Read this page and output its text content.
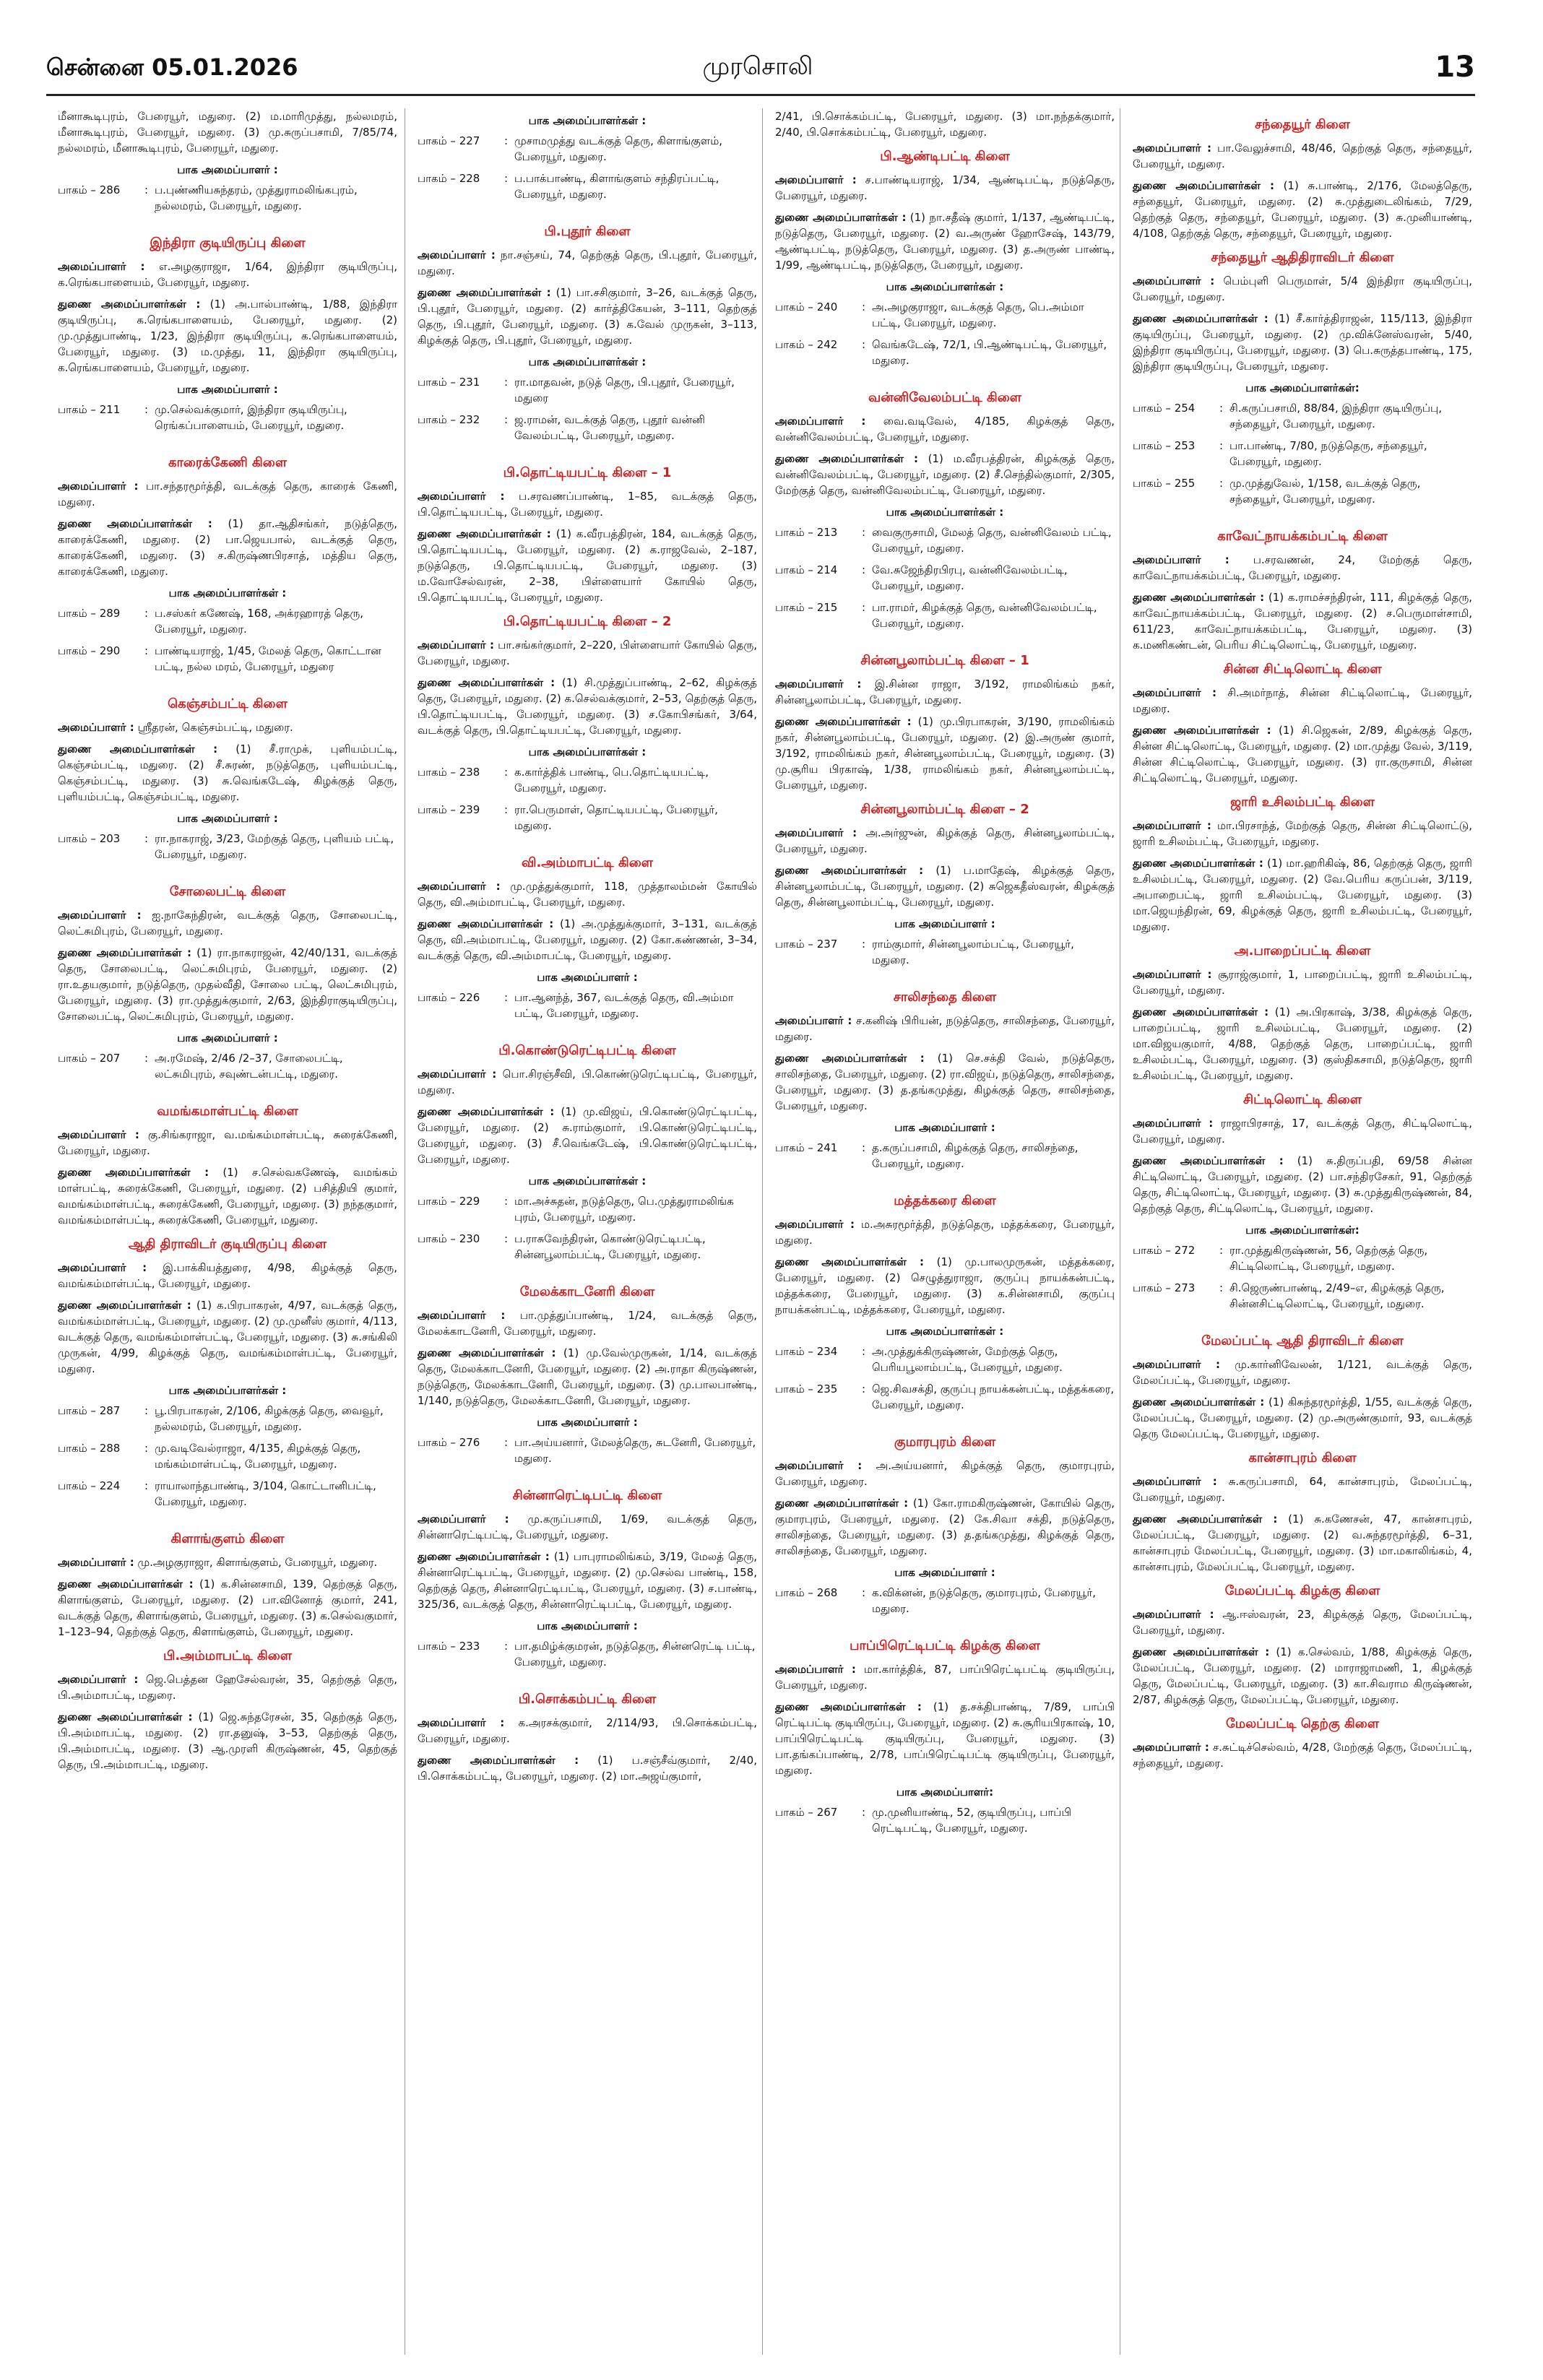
சென்னை 05.01.2026	முரசொலி	13

மீனாகூடிபுரம், பேரையூர், மதுரை. (2) ம.மாரிமுத்து, நல்லமரம், மீனாகூடிபுரம், பேரையூர், மதுரை. (3) மு.சுருப்பசாமி, 7/85/74, நல்லமரம், மீனாகூடிபுரம், பேரையூர், மதுரை.

பாக அமைப்பாளர் :
பாகம் – 286	: ப.புண்ணியசுந்தரம், முத்துராமலிங்கபுரம், நல்லமரம், பேரையூர், மதுரை.
இந்திரா குடியிருப்பு கிளை

அமைப்பாளர் : எ.அழகுராஜா, 1/64, இந்திரா குடியிருப்பு, க.ரெங்கபாளையம், பேரையூர், மதுரை.

துணை அமைப்பாளர்கள் : (1) அ.பால்பாண்டி, 1/88, இந்திரா குடியிருப்பு, க.ரெங்கபாளையம், பேரையூர், மதுரை. (2) மு.முத்துபாண்டி, 1/23, இந்திரா குடியிருப்பு, க.ரெங்கபாளையம், பேரையூர், மதுரை. (3) ம.முத்து, 11, இந்திரா குடியிருப்பு, க.ரெங்கபாளையம், பேரையூர், மதுரை.

பாக அமைப்பாளர் :
பாகம் – 211	: மு.செல்வக்குமார், இந்திரா குடியிருப்பு, ரெங்கப்பாளையம், பேரையூர், மதுரை.
காரைக்கேணி கிளை

அமைப்பாளர் : பா.சந்தரமூர்த்தி, வடக்குத் தெரு, காரைக் கேணி, மதுரை.

துணை அமைப்பாளர்கள் : (1) தா.ஆதிசங்கர், நடுத்தெரு, காரைக்கேணி, மதுரை. (2) பா.ஜெயபால், வடக்குத் தெரு, காரைக்கேணி, மதுரை. (3) ச.கிருஷ்ணபிரசாத், மத்திய தெரு, காரைக்கேணி, மதுரை.

பாக அமைப்பாளர்கள் :
பாகம் – 289	: ப.சஸ்கர் கணேஷ், 168, அக்ரஹாரத் தெரு, பேரையூர், மதுரை.
பாகம் – 290	: பாண்டியராஜ், 1/45, மேலத் தெரு, கொட்டான பட்டி, நல்ல மரம், பேரையூர், மதுரை
கெஞ்சம்பட்டி கிளை

அமைப்பாளர் : ஸ்ரீதரன், கெஞ்சம்பட்டி, மதுரை.

துணை அமைப்பாளர்கள் : (1) சீ.ராமுக், புளியம்பட்டி, கெஞ்சம்பட்டி, மதுரை. (2) சீ.சுரண், நடுத்தெரு, புளியம்பட்டி, கெஞ்சம்பட்டி, மதுரை. (3) சு.வெங்கடேஷ், கிழக்குத் தெரு, புளியம்பட்டி, கெஞ்சம்பட்டி, மதுரை.

பாக அமைப்பாளர் :
பாகம் – 203	: ரா.நாகராஜ், 3/23, மேற்குத் தெரு, புளியம் பட்டி, பேரையூர், மதுரை.
சோலைபட்டி கிளை

அமைப்பாளர் : ஐ.நாகேந்திரன், வடக்குத் தெரு, சோலைபட்டி, லெட்சுமிபுரம், பேரையூர், மதுரை.

துணை அமைப்பாளர்கள் : (1) ரா.நாகராஜன், 42/40/131, வடக்குத் தெரு, சோலைபட்டி, லெட்சுமிபுரம், பேரையூர், மதுரை. (2) ரா.உதயகுமார், நடுத்தெரு, முதல்வீதி, சோலை பட்டி, லெட்சுமிபுரம், பேரையூர், மதுரை. (3) ரா.முத்துக்குமார், 2/63, இந்திராகுடியிருப்பு, சோலைபட்டி, லெட்சுமிபுரம், பேரையூர், மதுரை.

பாக அமைப்பாளர் :
பாகம் – 207	: அ.ரமேஷ், 2/46 /2–37, சோலைபட்டி, லட்சுமிபுரம், சவுண்டன்பட்டி, மதுரை.
வமங்கமாள்பட்டி கிளை

அமைப்பாளர் : கு.சிங்கராஜா, வ.மங்கம்மாள்பட்டி, சுரைக்கேணி, பேரையூர், மதுரை.

துணை அமைப்பாளர்கள் : (1) ச.செல்வகணேஷ், வமங்கம் மாள்பட்டி, சுரைக்கேணி, பேரையூர், மதுரை. (2) பசித்தியி குமார், வமங்கம்மாள்பட்டி, சுரைக்கேணி, பேரையூர், மதுரை. (3) நந்தகுமார், வமங்கம்மாள்பட்டி, சுரைக்கேணி, பேரையூர், மதுரை.

ஆதி திராவிடர் குடியிருப்பு கிளை

அமைப்பாளர் : இ.பாக்கியத்துரை, 4/98, கிழக்குத் தெரு, வமங்கம்மாள்பட்டி, பேரையூர், மதுரை.

துணை அமைப்பாளர்கள் : (1) க.பிரபாகரன், 4/97, வடக்குத் தெரு, வமங்கம்மாள்பட்டி, பேரையூர், மதுரை. (2) மு.முனீஸ் குமார், 4/113, வடக்குத் தெரு, வமங்கம்மாள்பட்டி, பேரையூர், மதுரை. (3) சு.சங்கிலி முருகன், 4/99, கிழக்குத் தெரு, வமங்கம்மாள்பட்டி, பேரையூர், மதுரை.

பாக அமைப்பாளர்கள் :
பாகம் – 287	: பூ.பிரபாகரன், 2/106, கிழக்குத் தெரு, வைவூர், நல்லமரம், பேரையூர், மதுரை.
பாகம் – 288	: மு.வடிவேல்ராஜா, 4/135, கிழக்குத் தெரு, மங்கம்மாள்பட்டி, பேரையூர், மதுரை.
பாகம் – 224	: ராயாலாந்தபாண்டி, 3/104, கொட்டானிபட்டி, பேரையூர், மதுரை.
கிளாங்குளம் கிளை

அமைப்பாளர் : மு.அழகுராஜா, கிளாங்குளம், பேரையூர், மதுரை.

துணை அமைப்பாளர்கள் : (1) க.சின்னசாமி, 139, தெற்குத் தெரு, கிளாங்குளம், பேரையூர், மதுரை. (2) பா.வினோத் குமார், 241, வடக்குத் தெரு, கிளாங்குளம், பேரையூர், மதுரை. (3) க.செல்வகுமார், 1–123–94, தெற்குத் தெரு, கிளாங்குளம், பேரையூர், மதுரை.

பி.அம்மாபட்டி கிளை

அமைப்பாளர் : ஜெ.பெத்தன ஹேசேல்வரன், 35, தெற்குத் தெரு, பி.அம்மாபட்டி, மதுரை.

துணை அமைப்பாளர்கள் : (1) ஜெ.சுந்தரேசன், 35, தெற்குத் தெரு, பி.அம்மாபட்டி, மதுரை. (2) ரா.தனுஷ், 3–53, தெற்குத் தெரு, பி.அம்மாபட்டி, மதுரை. (3) ஆ.முரளி கிருஷ்ணன், 45, தெற்குத் தெரு, பி.அம்மாபட்டி, மதுரை.

பாக அமைப்பாளர்கள் :
பாகம் – 227	: முசாமமுத்து வடக்குத் தெரு, கிளாங்குளம், பேரையூர், மதுரை.
பாகம் – 228	: ப.பாக்பாண்டி, கிளாங்குளம் சந்திரப்பட்டி, பேரையூர், மதுரை.
பி.புதூர் கிளை

அமைப்பாளர் : நா.சஞ்சய், 74, தெற்குத் தெரு, பி.புதூர், பேரையூர், மதுரை.

துணை அமைப்பாளர்கள் : (1) பா.சசிகுமார், 3–26, வடக்குத் தெரு, பி.புதூர், பேரையூர், மதுரை. (2) கார்த்திகேயன், 3–111, தெற்குத் தெரு, பி.புதூர், பேரையூர், மதுரை. (3) க.வேல் முருகன், 3–113, கிழக்குத் தெரு, பி.புதூர், பேரையூர், மதுரை.

பாக அமைப்பாளர்கள் :
பாகம் – 231	: ரா.மாதவன், நடுத் தெரு, பி.புதூர், பேரையூர், மதுரை
பாகம் – 232	: ஜ.ராமன், வடக்குத் தெரு, புதூர் வன்னி வேலம்பட்டி, பேரையூர், மதுரை.
பி.தொட்டியபட்டி கிளை – 1

அமைப்பாளர் : ப.சரவணப்பாண்டி, 1–85, வடக்குத் தெரு, பி.தொட்டியபட்டி, பேரையூர், மதுரை.

துணை அமைப்பாளர்கள் : (1) க.வீரபத்திரன், 184, வடக்குத் தெரு, பி.தொட்டியபட்டி, பேரையூர், மதுரை. (2) க.ராஜவேல், 2–187, நடுத்தெரு, பி.தொட்டியபட்டி, பேரையூர், மதுரை. (3) ம.வோசேல்வரன், 2–38, பிள்ளையார் கோயில் தெரு, பி.தொட்டியபட்டி, பேரையூர், மதுரை.

பி.தொட்டியபட்டி கிளை – 2

அமைப்பாளர் : பா.சங்கர்குமார், 2–220, பிள்ளையார் கோயில் தெரு, பேரையூர், மதுரை.

துணை அமைப்பாளர்கள் : (1) சி.முத்துப்பாண்டி, 2–62, கிழக்குத் தெரு, பேரையூர், மதுரை. (2) க.செல்வக்குமார், 2–53, தெற்குத் தெரு, பி.தொட்டியபட்டி, பேரையூர், மதுரை. (3) ச.கோபிசங்கர், 3/64, வடக்குத் தெரு, பி.தொட்டியபட்டி, பேரையூர், மதுரை.

பாக அமைப்பாளர்கள் :
பாகம் – 238	: க.கார்த்திக் பாண்டி, பெ.தொட்டியபட்டி, பேரையூர், மதுரை.
பாகம் – 239	: ரா.பெருமாள், தொட்டியபட்டி, பேரையூர், மதுரை.
வி.அம்மாபட்டி கிளை

அமைப்பாளர் : மு.முத்துக்குமார், 118, முத்தாலம்மன் கோயில் தெரு, வி.அம்மாபட்டி, பேரையூர், மதுரை.

துணை அமைப்பாளர்கள் : (1) அ.முத்துக்குமார், 3–131, வடக்குத் தெரு, வி.அம்மாபட்டி, பேரையூர், மதுரை. (2) கோ.கண்ணன், 3–34, வடக்குத் தெரு, வி.அம்மாபட்டி, பேரையூர், மதுரை.

பாக அமைப்பாளர் :
பாகம் – 226	: பா.ஆனந்த், 367, வடக்குத் தெரு, வி.அம்மா பட்டி, பேரையூர், மதுரை.
பி.கொண்டுரெட்டிபட்டி கிளை

அமைப்பாளர் : பொ.சிரஞ்சீவி, பி.கொண்டுரெட்டிபட்டி, பேரையூர், மதுரை.

துணை அமைப்பாளர்கள் : (1) மு.விஜய், பி.கொண்டுரெட்டிபட்டி, பேரையூர், மதுரை. (2) சு.ராம்குமார், பி.கொண்டுரெட்டிபட்டி, பேரையூர், மதுரை. (3) சீ.வெங்கடேஷ், பி.கொண்டுரெட்டிபட்டி, பேரையூர், மதுரை.

பாக அமைப்பாளர்கள் :
பாகம் – 229	: மா.அச்சுதன், நடுத்தெரு, பெ.முத்துராமலிங்க புரம், பேரையூர், மதுரை.
பாகம் – 230	: ப.ராசுவேந்திரன், கொண்டுரெட்டிபட்டி, சின்னபூலாம்பட்டி, பேரையூர், மதுரை.
மேலக்காடனேரி கிளை

அமைப்பாளர் : பா.முத்துப்பாண்டி, 1/24, வடக்குத் தெரு, மேலக்காடனேரி, பேரையூர், மதுரை.

துணை அமைப்பாளர்கள் : (1) மு.வேல்முருகன், 1/14, வடக்குத் தெரு, மேலக்காடனேரி, பேரையூர், மதுரை. (2) அ.ராதா கிருஷ்ணன், நடுத்தெரு, மேலக்காடனேரி, பேரையூர், மதுரை. (3) மு.பாலபாண்டி, 1/140, நடுத்தெரு, மேலக்காடனேரி, பேரையூர், மதுரை.

பாக அமைப்பாளர் :
பாகம் – 276	: பா.அய்யனார், மேலத்தெரு, சுடனேரி, பேரையூர், மதுரை.
சின்னாரெட்டிபட்டி கிளை

அமைப்பாளர் : மு.கருப்பசாமி, 1/69, வடக்குத் தெரு, சின்னாரெட்டிபட்டி, பேரையூர், மதுரை.

துணை அமைப்பாளர்கள் : (1) பாபுராமலிங்கம், 3/19, மேலத் தெரு, சின்னாரெட்டிபட்டி, பேரையூர், மதுரை. (2) மு.செல்வ பாண்டி, 158, தெற்குத் தெரு, சின்னாரெட்டிபட்டி, பேரையூர், மதுரை. (3) ச.பாண்டி, 325/36, வடக்குத் தெரு, சின்னாரெட்டிபட்டி, பேரையூர், மதுரை.

பாக அமைப்பாளர் :
பாகம் – 233	: பா.தமிழ்க்குமரன், நடுத்தெரு, சின்னரெட்டி பட்டி, பேரையூர், மதுரை.
பி.சொக்கம்பட்டி கிளை

அமைப்பாளர் : க.அரசக்குமார், 2/114/93, பி.சொக்கம்பட்டி, பேரையூர், மதுரை.

துணை அமைப்பாளர்கள் : (1) ப.சஞ்சீவ்குமார், 2/40, பி.சொக்கம்பட்டி, பேரையூர், மதுரை. (2) மா.அஜய்குமார்,

2/41, பி.சொக்கம்பட்டி, பேரையூர், மதுரை. (3) மா.நந்தக்குமார், 2/40, பி.சொக்கம்பட்டி, பேரையூர், மதுரை.

பி.ஆண்டிபட்டி கிளை

அமைப்பாளர் : ச.பாண்டியராஜ், 1/34, ஆண்டிபட்டி, நடுத்தெரு, பேரையூர், மதுரை.

துணை அமைப்பாளர்கள் : (1) நா.சதீஷ் குமார், 1/137, ஆண்டிபட்டி, நடுத்தெரு, பேரையூர், மதுரை. (2) வ.அருண் ஹோசேஷ், 143/79, ஆண்டிபட்டி, நடுத்தெரு, பேரையூர், மதுரை. (3) த.அருண் பாண்டி, 1/99, ஆண்டிபட்டி, நடுத்தெரு, பேரையூர், மதுரை.

பாக அமைப்பாளர்கள் :
பாகம் – 240	: அ.அழகுராஜா, வடக்குத் தெரு, பெ.அம்மா பட்டி, பேரையூர், மதுரை.
பாகம் – 242	: வெங்கடேஷ், 72/1, பி.ஆண்டிபட்டி, பேரையூர், மதுரை.
வன்னிவேலம்பட்டி கிளை

அமைப்பாளர் : வை.வடிவேல், 4/185, கிழக்குத் தெரு, வன்னிவேலம்பட்டி, பேரையூர், மதுரை.

துணை அமைப்பாளர்கள் : (1) ம.வீரபத்திரன், கிழக்குத் தெரு, வன்னிவேலம்பட்டி, பேரையூர், மதுரை. (2) சீ.செந்தில்குமார், 2/305, மேற்குத் தெரு, வன்னிவேலம்பட்டி, பேரையூர், மதுரை.

பாக அமைப்பாளர்கள் :
பாகம் – 213	: வைகுருசாமி, மேலத் தெரு, வன்னிவேலம் பட்டி, பேரையூர், மதுரை.
பாகம் – 214	: வே.சுஜேந்திரபிரபு, வன்னிவேலம்பட்டி, பேரையூர், மதுரை.
பாகம் – 215	: பா.ராமர், கிழக்குத் தெரு, வன்னிவேலம்பட்டி, பேரையூர், மதுரை.
சின்னபூலாம்பட்டி கிளை – 1

அமைப்பாளர் : இ.சின்ன ராஜா, 3/192, ராமலிங்கம் நகர், சின்னபூலாம்பட்டி, பேரையூர், மதுரை.

துணை அமைப்பாளர்கள் : (1) மு.பிரபாகரன், 3/190, ராமலிங்கம் நகர், சின்னபூலாம்பட்டி, பேரையூர், மதுரை. (2) இ.அருண் குமார், 3/192, ராமலிங்கம் நகர், சின்னபூலாம்பட்டி, பேரையூர், மதுரை. (3) மு.சூரிய பிரகாஷ், 1/38, ராமலிங்கம் நகர், சின்னபூலாம்பட்டி, பேரையூர், மதுரை.

சின்னபூலாம்பட்டி கிளை – 2

அமைப்பாளர் : அ.அர்ஜுன், கிழக்குத் தெரு, சின்னபூலாம்பட்டி, பேரையூர், மதுரை.

துணை அமைப்பாளர்கள் : (1) ப.மாதேஷ், கிழக்குத் தெரு, சின்னபூலாம்பட்டி, பேரையூர், மதுரை. (2) சுஜெகதீஸ்வரன், கிழக்குத் தெரு, சின்னபூலாம்பட்டி, பேரையூர், மதுரை.

பாக அமைப்பாளர் :
பாகம் – 237	: ராம்குமார், சின்னபூலாம்பட்டி, பேரையூர், மதுரை.
சாலிசந்தை கிளை

அமைப்பாளர் : ச.கனிஷ் பிரியன், நடுத்தெரு, சாலிசந்தை, பேரையூர், மதுரை.

துணை அமைப்பாளர்கள் : (1) செ.சக்தி வேல், நடுத்தெரு, சாலிசந்தை, பேரையூர், மதுரை. (2) ரா.விஜய், நடுத்தெரு, சாலிசந்தை, பேரையூர், மதுரை. (3) த.தங்கமுத்து, கிழக்குத் தெரு, சாலிசந்தை, பேரையூர், மதுரை.

பாக அமைப்பாளர் :
பாகம் – 241	: த.கருப்பசாமி, கிழக்குத் தெரு, சாலிசந்தை, பேரையூர், மதுரை.
மத்தக்கரை கிளை

அமைப்பாளர் : ம.அசுரமூர்த்தி, நடுத்தெரு, மத்தக்கரை, பேரையூர், மதுரை.

துணை அமைப்பாளர்கள் : (1) மு.பாலமுருகன், மத்தக்கரை, பேரையூர், மதுரை. (2) செழுத்துராஜா, குருப்பு நாயக்கன்பட்டி, மத்தக்கரை, பேரையூர், மதுரை. (3) க.சின்னசாமி, குருப்பு நாயக்கன்பட்டி, மத்தக்கரை, பேரையூர், மதுரை.

பாக அமைப்பாளர்கள் :
பாகம் – 234	: அ.முத்துக்கிருஷ்ணன், மேற்குத் தெரு, பெரியபூலாம்பட்டி, பேரையூர், மதுரை.
பாகம் – 235	: ஜெ.சிவசக்தி, குருப்பு நாயக்கன்பட்டி, மத்தக்கரை, பேரையூர், மதுரை.
குமாரபுரம் கிளை

அமைப்பாளர் : அ.அய்யனார், கிழக்குத் தெரு, குமாரபுரம், பேரையூர், மதுரை.

துணை அமைப்பாளர்கள் : (1) கோ.ராமகிருஷ்ணன், கோயில் தெரு, குமாரபுரம், பேரையூர், மதுரை. (2) கே.சிவா சக்தி, நடுத்தெரு, சாலிசந்தை, பேரையூர், மதுரை. (3) த.தங்கமுத்து, கிழக்குத் தெரு, சாலிசந்தை, பேரையூர், மதுரை.

பாக அமைப்பாளர் :
பாகம் – 268	: க.விக்னன், நடுத்தெரு, குமாரபுரம், பேரையூர், மதுரை.
பாப்பிரெட்டிபட்டி கிழக்கு கிளை

அமைப்பாளர் : மா.கார்த்திக், 87, பாப்பிரெட்டிபட்டி குடியிருப்பு, பேரையூர், மதுரை.

துணை அமைப்பாளர்கள் : (1) த.சக்திபாண்டி, 7/89, பாப்பி ரெட்டிபட்டி குடியிருப்பு, பேரையூர், மதுரை. (2) சு.சூரியபிரகாஷ், 10, பாப்பிரெட்டிபட்டி குடியிருப்பு, பேரையூர், மதுரை. (3) பா.தங்கப்பாண்டி, 2/78, பாப்பிரெட்டிபட்டி குடியிருப்பு, பேரையூர், மதுரை.

பாக அமைப்பாளர்:
பாகம் – 267	: மு.முனியாண்டி, 52, குடியிருப்பு, பாப்பி ரெட்டிபட்டி, பேரையூர், மதுரை.
சந்தையூர் கிளை

அமைப்பாளர் : பா.வேலுச்சாமி, 48/46, தெற்குத் தெரு, சந்தையூர், பேரையூர், மதுரை.

துணை அமைப்பாளர்கள் : (1) சு.பாண்டி, 2/176, மேலத்தெரு, சந்தையூர், பேரையூர், மதுரை. (2) சு.முத்துடைலிங்கம், 7/29, தெற்குத் தெரு, சந்தையூர், பேரையூர், மதுரை. (3) சு.முனியாண்டி, 4/108, தெற்குத் தெரு, சந்தையூர், பேரையூர், மதுரை.

சந்தையூர் ஆதிதிராவிடர் கிளை

அமைப்பாளர் : பெம்புளி பெருமாள், 5/4 இந்திரா குடியிருப்பு, பேரையூர், மதுரை.

துணை அமைப்பாளர்கள் : (1) சீ.கார்த்திராஜன், 115/113, இந்திரா குடியிருப்பு, பேரையூர், மதுரை. (2) மு.விக்னேஸ்வரன், 5/40, இந்திரா குடியிருப்பு, பேரையூர், மதுரை. (3) பெ.சுருத்தபாண்டி, 175, இந்திரா குடியிருப்பு, பேரையூர், மதுரை.

பாக அமைப்பாளர்கள்:
பாகம் – 254	: சி.கருப்பசாமி, 88/84, இந்திரா குடியிருப்பு, சந்தையூர், பேரையூர், மதுரை.
பாகம் – 253	: பா.பாண்டி, 7/80, நடுத்தெரு, சந்தையூர், பேரையூர், மதுரை.
பாகம் – 255	: மு.முத்துவேல், 1/158, வடக்குத் தெரு, சந்தையூர், பேரையூர், மதுரை.
காவேட்நாயக்கம்பட்டி கிளை

அமைப்பாளர் : ப.சரவணன், 24, மேற்குத் தெரு, காவேட்நாயக்கம்பட்டி, பேரையூர், மதுரை.

துணை அமைப்பாளர்கள் : (1) க.ராமச்சந்திரன், 111, கிழக்குத் தெரு, காவேட்நாயக்கம்பட்டி, பேரையூர், மதுரை. (2) ச.பெருமாள்சாமி, 611/23, காவேட்நாயக்கம்பட்டி, பேரையூர், மதுரை. (3) க.மணிகண்டன், பெரிய சிட்டிலொட்டி, பேரையூர், மதுரை.

சின்ன சிட்டிலொட்டி கிளை

அமைப்பாளர் : சி.அமர்நாத், சின்ன சிட்டிலொட்டி, பேரையூர், மதுரை.

துணை அமைப்பாளர்கள் : (1) சி.ஜெகன், 2/89, கிழக்குத் தெரு, சின்ன சிட்டிலொட்டி, பேரையூர், மதுரை. (2) மா.முத்து வேல், 3/119, சின்ன சிட்டிலொட்டி, பேரையூர், மதுரை. (3) ரா.குருசாமி, சின்ன சிட்டிலொட்டி, பேரையூர், மதுரை.

ஜாரி உசிலம்பட்டி கிளை

அமைப்பாளர் : மா.பிரசாந்த், மேற்குத் தெரு, சின்ன சிட்டிலொட்டு, ஜாரி உசிலம்பட்டி, பேரையூர், மதுரை.

துணை அமைப்பாளர்கள் : (1) மா.ஹரிகிஷ், 86, தெற்குத் தெரு, ஜாரி உசிலம்பட்டி, பேரையூர், மதுரை. (2) வே.பெரிய கருப்பன், 3/119, அபாறைபட்டி, ஜாரி உசிலம்பட்டி, பேரையூர், மதுரை. (3) மா.ஜெயந்திரன், 69, கிழக்குத் தெரு, ஜாரி உசிலம்பட்டி, பேரையூர், மதுரை.

அ.பாறைப்பட்டி கிளை

அமைப்பாளர் : சூராஜ்குமார், 1, பாறைப்பட்டி, ஜாரி உசிலம்பட்டி, பேரையூர், மதுரை.

துணை அமைப்பாளர்கள் : (1) அ.பிரகாஷ், 3/38, கிழக்குத் தெரு, பாறைப்பட்டி, ஜாரி உசிலம்பட்டி, பேரையூர், மதுரை. (2) மா.விஜயகுமார், 4/88, தெற்குத் தெரு, பாறைப்பட்டி, ஜாரி உசிலம்பட்டி, பேரையூர், மதுரை. (3) குஸ்திகசாமி, நடுத்தெரு, ஜாரி உசிலம்பட்டி, பேரையூர், மதுரை.

சிட்டிலொட்டி கிளை

அமைப்பாளர் : ராஜாபிரசாத், 17, வடக்குத் தெரு, சிட்டிலொட்டி, பேரையூர், மதுரை.

துணை அமைப்பாளர்கள் : (1) சு.திருப்பதி, 69/58 சின்ன சிட்டிலொட்டி, பேரையூர், மதுரை. (2) பா.சந்திரசேகர், 91, தெற்குத் தெரு, சிட்டிலொட்டி, பேரையூர், மதுரை. (3) சு.முத்துகிருஷ்ணன், 84, தெற்குத் தெரு, சிட்டிலொட்டி, பேரையூர், மதுரை.

பாக அமைப்பாளர்கள்:
பாகம் – 272	: ரா.முத்துகிருஷ்ணன், 56, தெற்குத் தெரு, சிட்டிலொட்டி, பேரையூர், மதுரை.
பாகம் – 273	: சி.ஜெருண்பாண்டி, 2/49–எ, கிழக்குத் தெரு, சின்னசிட்டிலொட்டி, பேரையூர், மதுரை.
மேலப்பட்டி ஆதி திராவிடர் கிளை

அமைப்பாளர் : மு.கார்னிவேலன், 1/121, வடக்குத் தெரு, மேலப்பட்டி, பேரையூர், மதுரை.

துணை அமைப்பாளர்கள் : (1) கிசுந்தரமூர்த்தி, 1/55, வடக்குத் தெரு, மேலப்பட்டி, பேரையூர், மதுரை. (2) மு.அருண்குமார், 93, வடக்குத் தெரு மேலப்பட்டி, பேரையூர், மதுரை.

கான்சாபுரம் கிளை

அமைப்பாளர் : சு.கருப்பசாமி, 64, கான்சாபுரம், மேலப்பட்டி, பேரையூர், மதுரை.

துணை அமைப்பாளர்கள் : (1) சு.கணேசன், 47, கான்சாபுரம், மேலப்பட்டி, பேரையூர், மதுரை. (2) வ.சுந்தரமூர்த்தி, 6–31, கான்சாபுரம் மேலப்பட்டி, பேரையூர், மதுரை. (3) மா.மகாலிங்கம், 4, கான்சாபுரம், மேலப்பட்டி, பேரையூர், மதுரை.

மேலப்பட்டி கிழக்கு கிளை

அமைப்பாளர் : ஆ.ஈஸ்வரன், 23, கிழக்குத் தெரு, மேலப்பட்டி, பேரையூர், மதுரை.

துணை அமைப்பாளர்கள் : (1) க.செல்வம், 1/88, கிழக்குத் தெரு, மேலப்பட்டி, பேரையூர், மதுரை. (2) மாராஜாமணி, 1, கிழக்குத் தெரு, மேலப்பட்டி, பேரையூர், மதுரை. (3) கா.சிவராம கிருஷ்ணன், 2/87, கிழக்குத் தெரு, மேலப்பட்டி, பேரையூர், மதுரை.

மேலப்பட்டி தெற்கு கிளை

அமைப்பாளர் : ச.சுட்டிச்செல்வம், 4/28, மேற்குத் தெரு, மேலப்பட்டி, சந்தையூர், மதுரை.
